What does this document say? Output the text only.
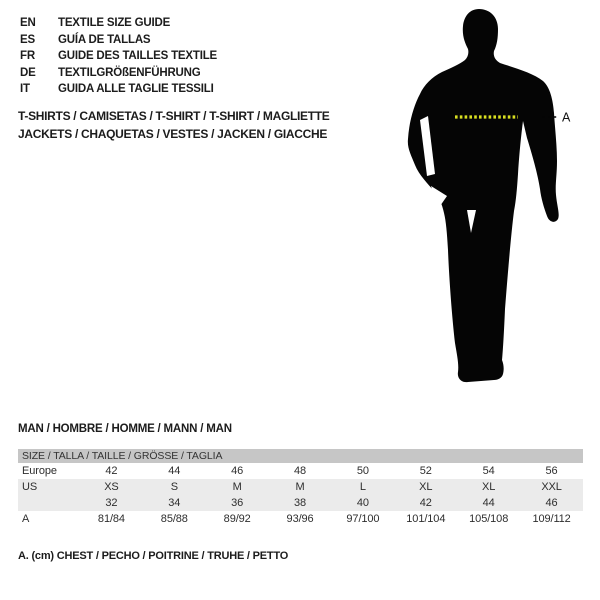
EN TEXTILE SIZE GUIDE
ES GUÍA DE TALLAS
FR GUIDE DES TAILLES TEXTILE
DE TEXTILGRÖßENFÜHRUNG
IT GUIDA ALLE TAGLIE TESSILI
T-SHIRTS / CAMISETAS / T-SHIRT / T-SHIRT / MAGLIETTE
JACKETS / CHAQUETAS / VESTES / JACKEN / GIACCHE
A
MAN / HOMBRE / HOMME / MANN / MAN
SIZE / TALLA / TAILLE / GRÖSSE / TAGLIA								
Europe	42	44	46	48	50	52	54	56
US	XS	S	M	M	L	XL	XL	XXL
	32	34	36	38	40	42	44	46
A	81/84	85/88	89/92	93/96	97/100	101/104	105/108	109/112
A. (cm) CHEST / PECHO / POITRINE / TRUHE / PETTO
